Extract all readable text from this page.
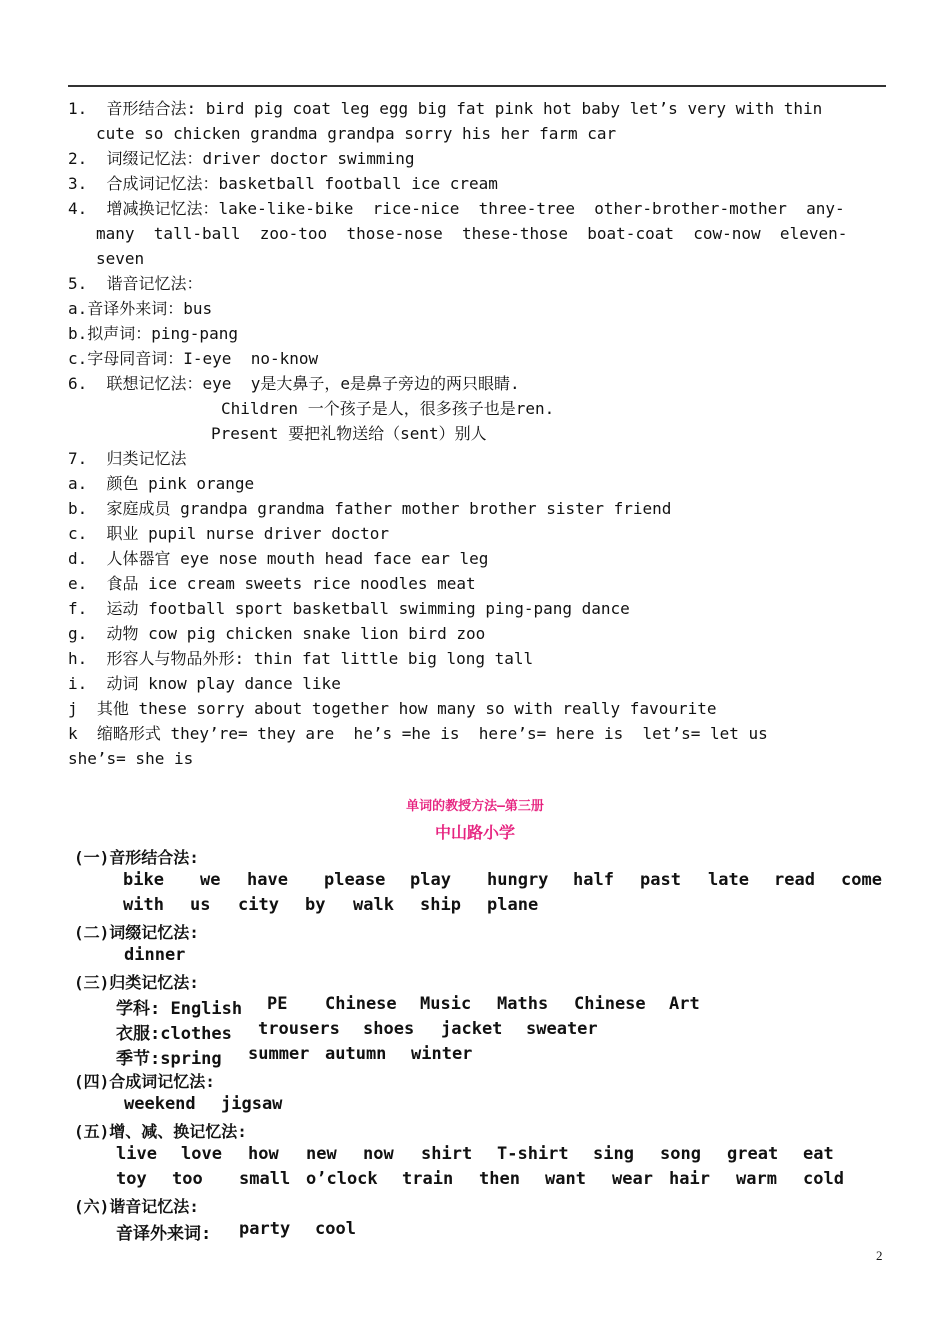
1.  音形结合法: bird pig coat leg egg big fat pink hot baby let’s very with thin
cute so chicken grandma grandpa sorry his her farm car
2.  词缀记忆法：driver doctor swimming
3.  合成词记忆法：basketball football ice cream
4.  增减换记忆法：lake-like-bike  rice-nice  three-tree  other-brother-mother  any-
many  tall-ball  zoo-too  those-nose  these-those  boat-coat  cow-now  eleven-
seven
5.  谐音记忆法：
a.音译外来词：bus
b.拟声词：ping-pang
c.字母同音词：I-eye  no-know
6.  联想记忆法：eye  y是大鼻子，e是鼻子旁边的两只眼睛.
Children 一个孩子是人，很多孩子也是ren.
Present 要把礼物送给（sent）别人
7.  归类记忆法
a.  颜色 pink orange
b.  家庭成员 grandpa grandma father mother brother sister friend
c.  职业 pupil nurse driver doctor
d.  人体器官 eye nose mouth head face ear leg
e.  食品 ice cream sweets rice noodles meat
f.  运动 football sport basketball swimming ping-pang dance
g.  动物 cow pig chicken snake lion bird zoo
h.  形容人与物品外形: thin fat little big long tall
i.  动词 know play dance like
j  其他 these sorry about together how many so with really favourite
k  缩略形式 they’re= they are  he’s =he is  here’s= here is  let’s= let us
she’s= she is
单词的教授方法—第三册
中山路小学
(一)音形结合法:
bike we have please play hungry half past late read come
with us city by walk ship plane
(二)词缀记忆法:
dinner
(三)归类记忆法:
学科: English PE Chinese Music Maths Chinese Art
衣服:clothes trousers shoes jacket sweater
季节:spring summer autumn winter
(四)合成词记忆法:
weekend jigsaw
(五)增、减、换记忆法:
live love how new now shirt T-shirt sing song great eat
toy too small o’clock train then want wear hair warm cold
(六)谐音记忆法:
音译外来词: party cool
2
